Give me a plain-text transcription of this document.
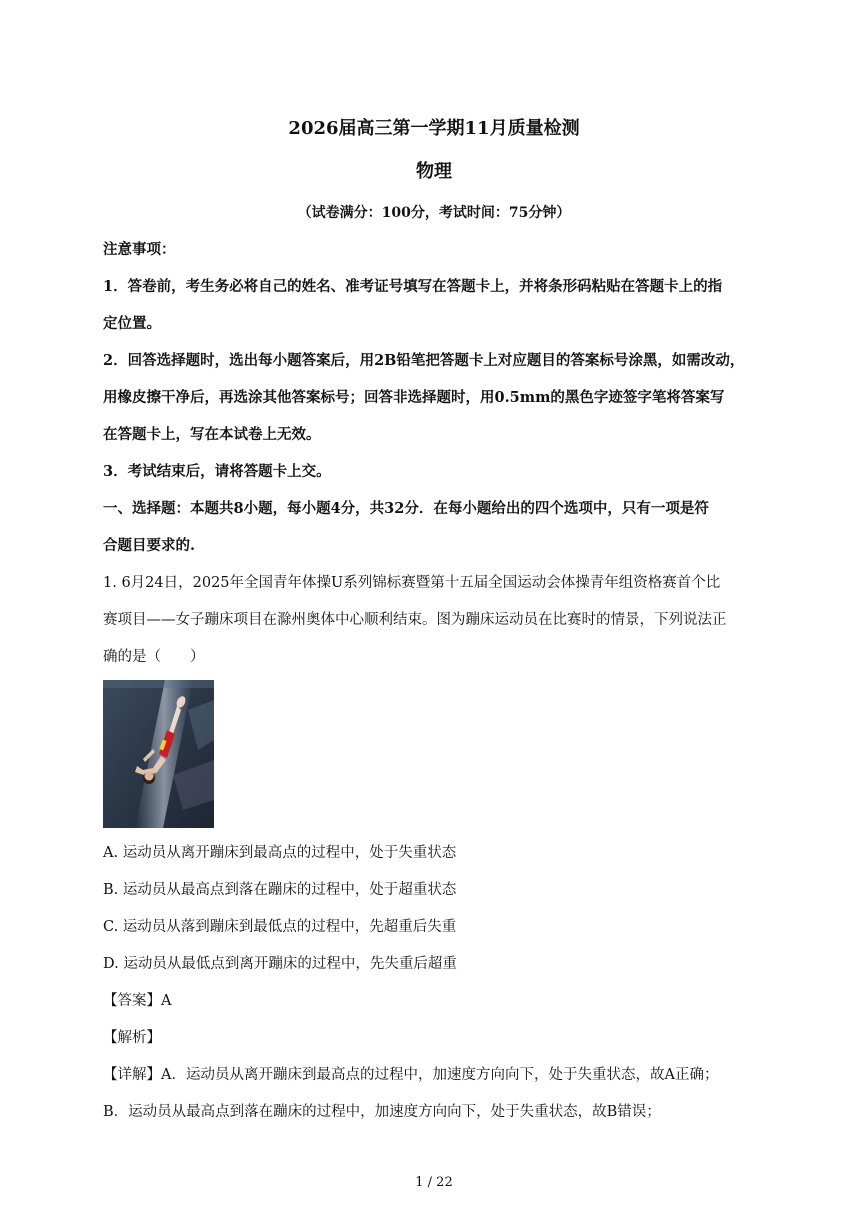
2026届高三第一学期11月质量检测
物理
（试卷满分：100分，考试时间：75分钟）
注意事项：
1．答卷前，考生务必将自己的姓名、准考证号填写在答题卡上，并将条形码粘贴在答题卡上的指
定位置。
2．回答选择题时，选出每小题答案后，用2B铅笔把答题卡上对应题目的答案标号涂黑，如需改动，
用橡皮擦干净后，再选涂其他答案标号；回答非选择题时，用0.5mm的黑色字迹签字笔将答案写
在答题卡上，写在本试卷上无效。
3．考试结束后，请将答题卡上交。
一、选择题：本题共8小题，每小题4分，共32分．在每小题给出的四个选项中，只有一项是符
合题目要求的.
1. 6月24日，2025年全国青年体操U系列锦标赛暨第十五届全国运动会体操青年组资格赛首个比
赛项目——女子蹦床项目在滁州奥体中心顺利结束。图为蹦床运动员在比赛时的情景，下列说法正
确的是（　　）
A. 运动员从离开蹦床到最高点的过程中，处于失重状态
B. 运动员从最高点到落在蹦床的过程中，处于超重状态
C. 运动员从落到蹦床到最低点的过程中，先超重后失重
D. 运动员从最低点到离开蹦床的过程中，先失重后超重
【答案】A
【解析】
【详解】A．运动员从离开蹦床到最高点的过程中，加速度方向向下，处于失重状态，故A正确；
B．运动员从最高点到落在蹦床的过程中，加速度方向向下，处于失重状态，故B错误；
1 / 22
